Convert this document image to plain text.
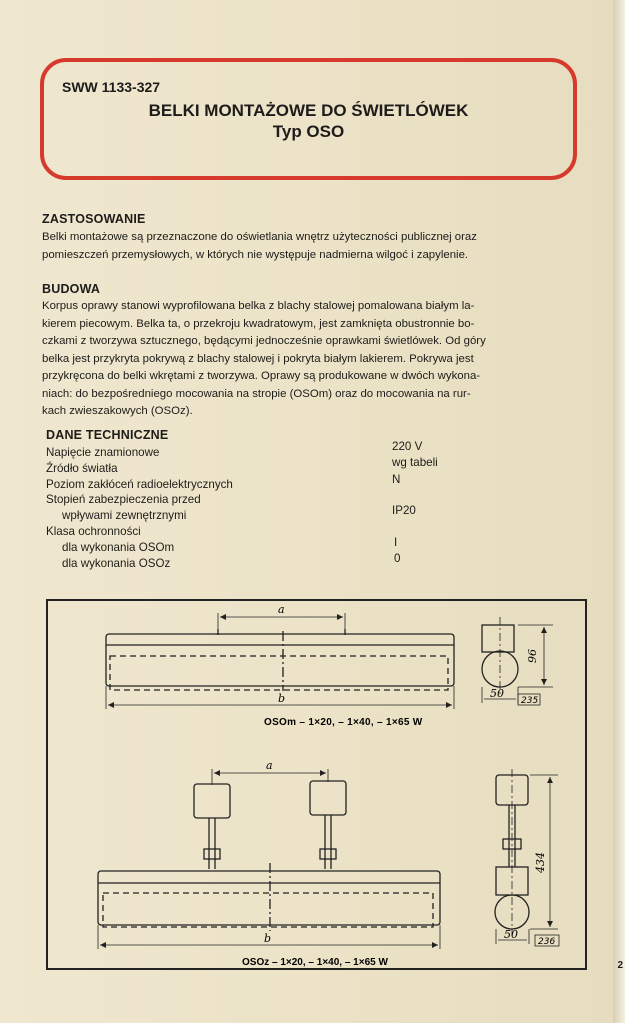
SWW 1133-327
BELKI MONTAŻOWE DO ŚWIETLÓWEK
Typ OSO
ZASTOSOWANIE
Belki montażowe są przeznaczone do oświetlania wnętrz użyteczności publicznej oraz
pomieszczeń przemysłowych, w których nie występuje nadmierna wilgoć i zapylenie.
BUDOWA
Korpus oprawy stanowi wyprofilowana belka z blachy stalowej pomalowana białym la-
kierem piecowym. Belka ta, o przekroju kwadratowym, jest zamknięta obustronnie bo-
czkami z tworzywa sztucznego, będącymi jednocześnie oprawkami świetlówek. Od góry
belka jest przykryta pokrywą z blachy stalowej i pokryta białym lakierem. Pokrywa jest
przykręcona do belki wkrętami z tworzywa. Oprawy są produkowane w dwóch wykona-
niach: do bezpośredniego mocowania na stropie (OSOm) oraz do mocowania na rur-
kach zwieszakowych (OSOz).
DANE TECHNICZNE
Napięcie znamionowe
Źródło światła
Poziom zakłóceń radioelektrycznych
Stopień zabezpieczenia przed
wpływami zewnętrznymi
Klasa ochronności
dla wykonania OSOm
dla wykonania OSOz
220 V
wg tabeli
N
IP20
I
0
a
b
96
50
235
OSOm – 1×20, – 1×40, – 1×65 W
a
b
434
50
236
OSOz – 1×20, – 1×40, – 1×65 W	2
